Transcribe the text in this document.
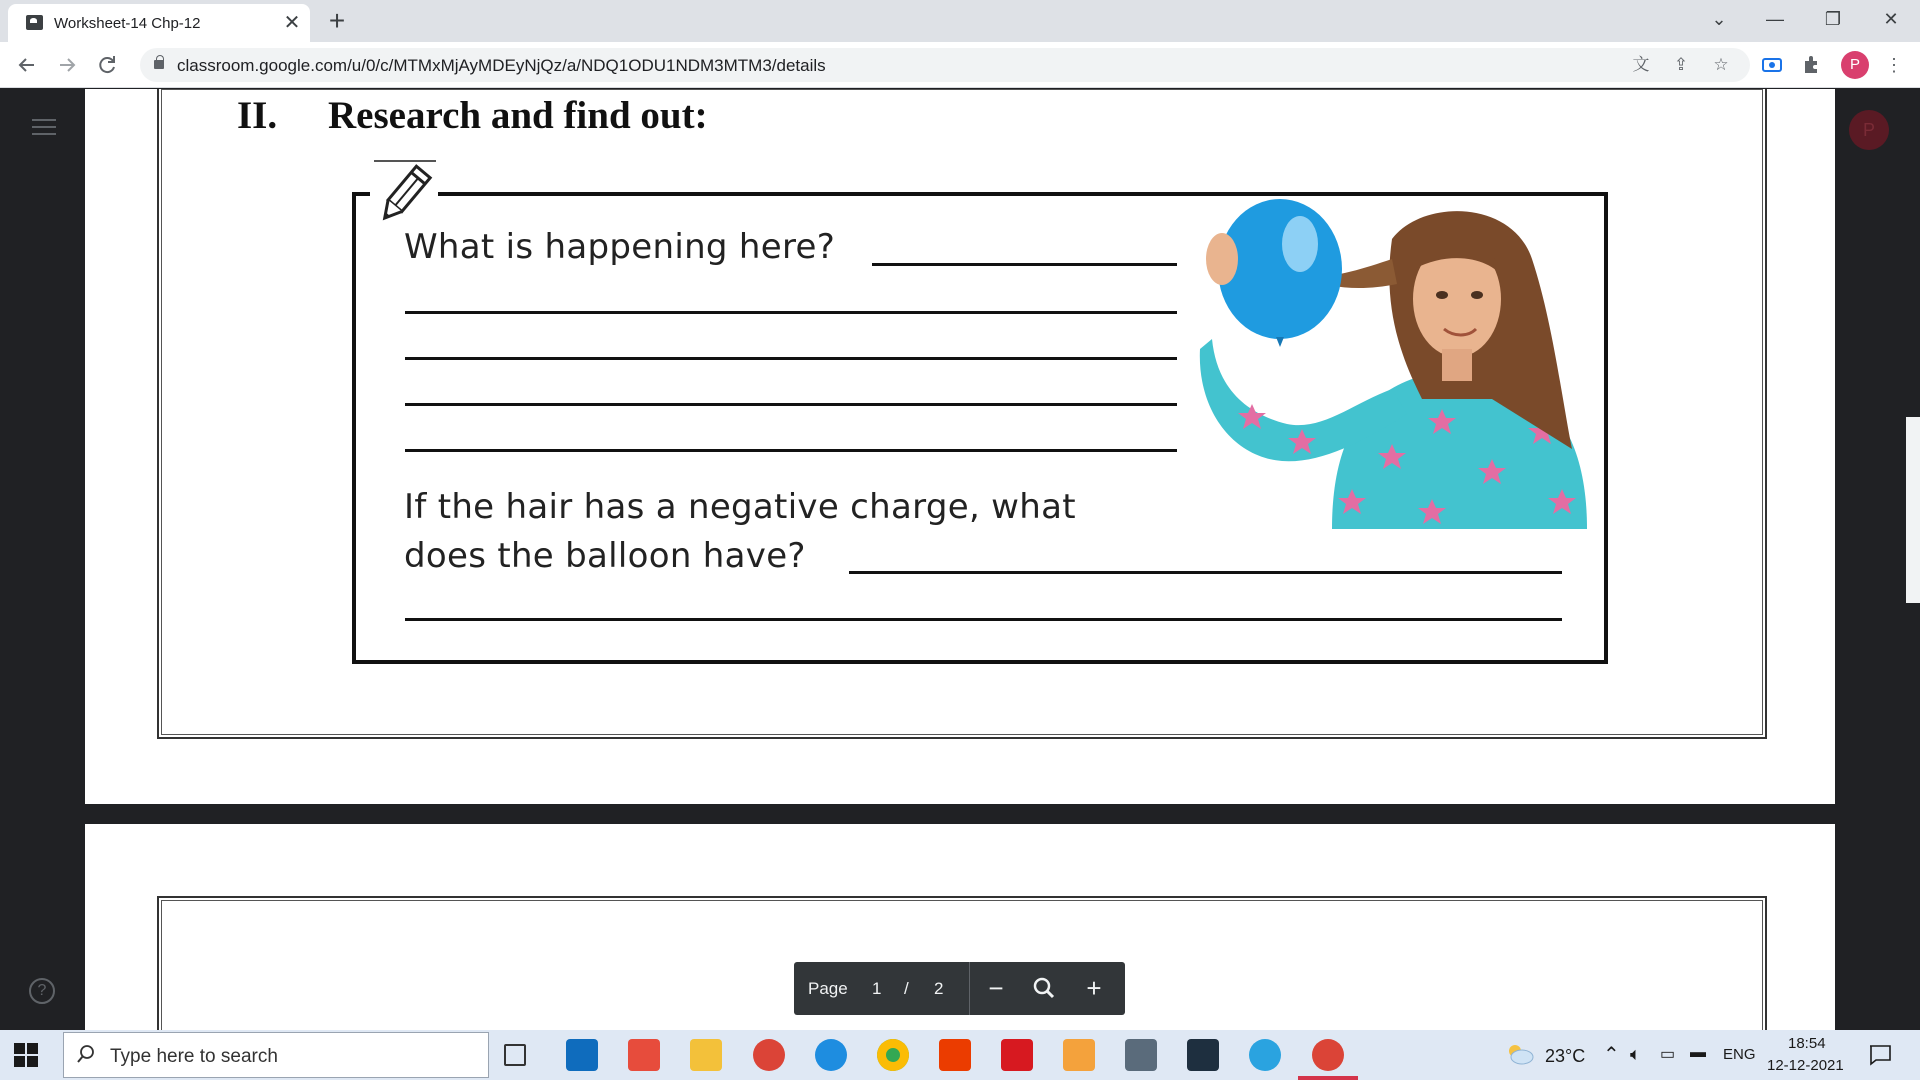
Worksheet-14 Chp-12	✕ +	⌄	—	❐	✕
classroom.google.com/u/0/c/MTMxMjAyMDEyNjQz/a/NDQ1ODU1NDM3MTM3/details	文 ⇪ ☆	P	⋮
P
?
II. Research and find out:
What is happening here?
If the hair has a negative charge, what
does the balloon have?
Page 1 / 2	−	+
Type here to search	23°C ⌃ 🔈︎ ▭ ▬ ENG
18:54
12-12-2021
